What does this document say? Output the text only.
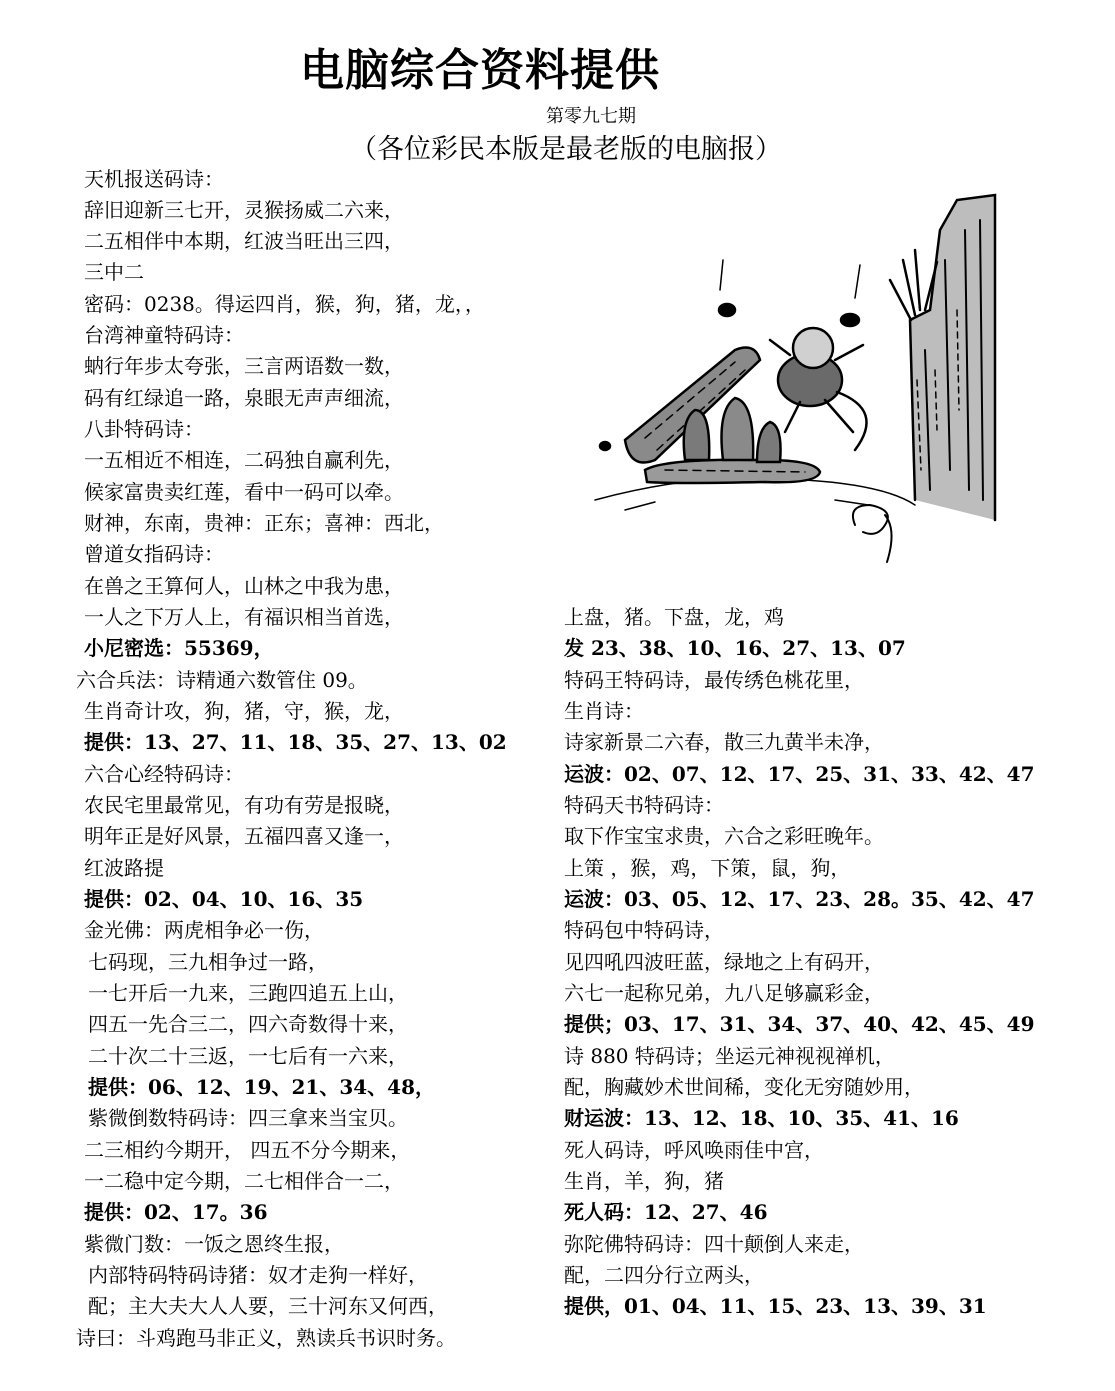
电脑综合资料提供
第零九七期
（各位彩民本版是最老版的电脑报）
天机报送码诗：
辞旧迎新三七开，灵猴扬威二六来，
二五相伴中本期，红波当旺出三四，
三中二
密码：0238。得运四肖，猴，狗，猪，龙，，
台湾神童特码诗：
蚋行年步太夸张，三言两语数一数，
码有红绿追一路，泉眼无声声细流，
八卦特码诗：
一五相近不相连，二码独自赢利先，
候家富贵卖红莲，看中一码可以牵。
财神，东南，贵神：正东；喜神：西北，
曾道女指码诗：
在兽之王算何人，山林之中我为患，
一人之下万人上，有福识相当首选，
小尼密选：55369，
六合兵法：诗精通六数管住 09。
生肖奇计攻，狗，猪，守，猴，龙，
提供：13、27、11、18、35、27、13、02
六合心经特码诗：
农民宅里最常见，有功有劳是报晓，
明年正是好风景，五福四喜又逢一，
红波路提
提供：02、04、10、16、35
金光佛：两虎相争必一伤，
七码现，三九相争过一路，
一七开后一九来，三跑四追五上山，
四五一先合三二，四六奇数得十来，
二十次二十三返，一七后有一六来，
提供：06、12、19、21、34、48，
紫微倒数特码诗：四三拿来当宝贝。
二三相约今期开， 四五不分今期来，
一二稳中定今期，二七相伴合一二，
提供：02、17。36
紫微门数：一饭之恩终生报，
内部特码特码诗猪：奴才走狗一样好，
配；主大夫大人人要，三十河东又何西，
诗曰：斗鸡跑马非正义，熟读兵书识时务。
上盘，猪。下盘，龙，鸡
发 23、38、10、16、27、13、07
特码王特码诗，最传绣色桃花里，
生肖诗：
诗家新景二六春，散三九黄半未净，
运波：02、07、12、17、25、31、33、42、47
特码天书特码诗：
取下作宝宝求贵，六合之彩旺晚年。
上策 ，猴，鸡，下策，鼠，狗，
运波：03、05、12、17、23、28。35、42、47
特码包中特码诗，
见四吼四波旺蓝，绿地之上有码开，
六七一起称兄弟，九八足够赢彩金，
提供；03、17、31、34、37、40、42、45、49
诗 880 特码诗；坐运元神视视禅机，
配，胸藏妙术世间稀，变化无穷随妙用，
财运波：13、12、18、10、35、41、16
死人码诗，呼风唤雨佳中宫，
生肖，羊，狗，猪
死人码：12、27、46
弥陀佛特码诗：四十颠倒人来走，
配，二四分行立两头，
提供，01、04、11、15、23、13、39、31
